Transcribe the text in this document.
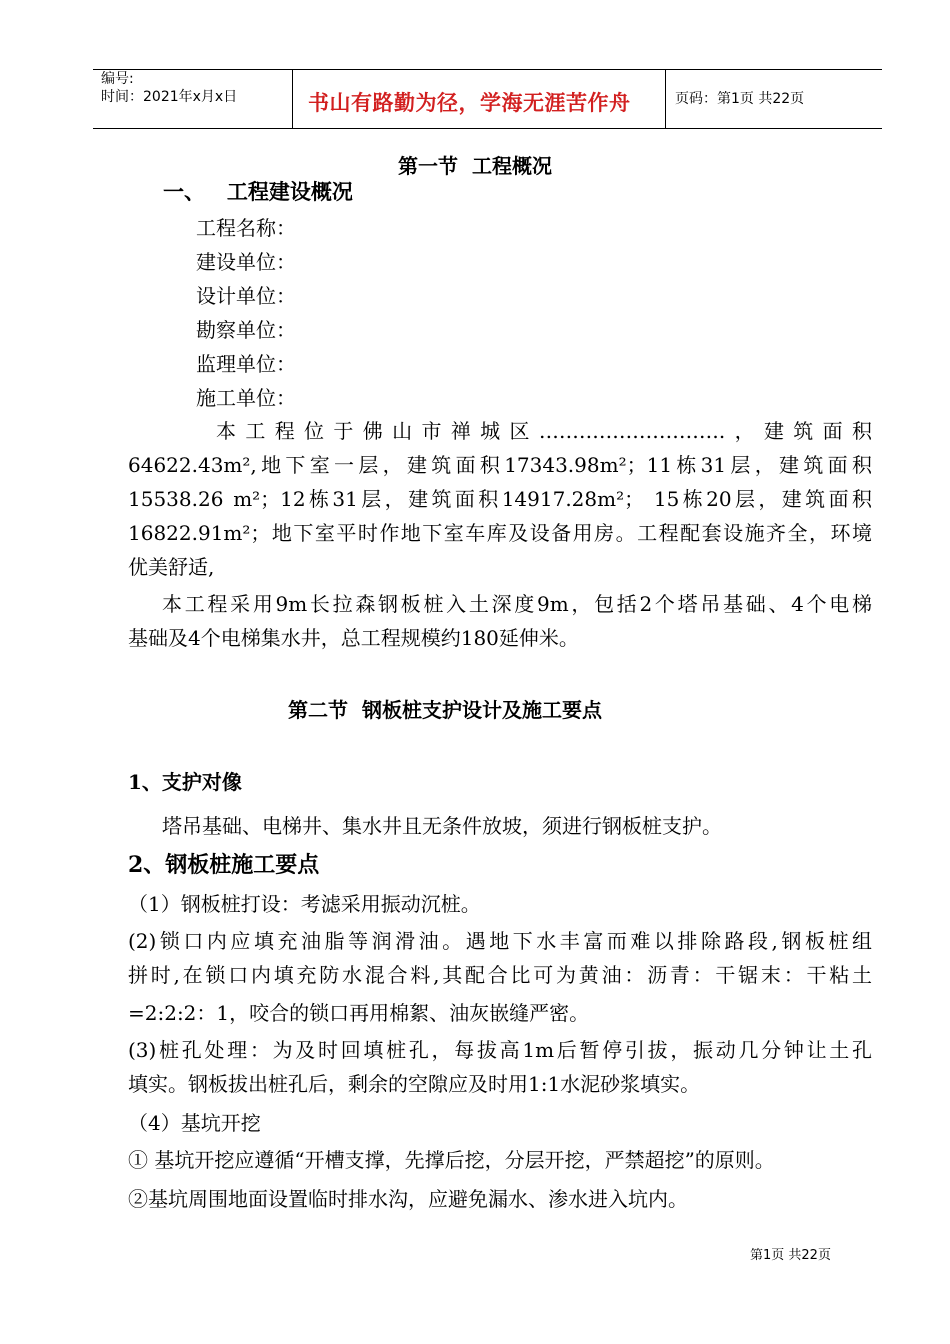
编号:
时间：2021年x月x日	书山有路勤为径，学海无涯苦作舟	页码：第1页 共22页
第一节  工程概况
一、   工程建设概况
工程名称：
建设单位：
设计单位：
勘察单位：
监理单位：
施工单位：
本工程位于佛山市禅城区……………………….，建筑面积
64622.43m²,地下室一层，建筑面积17343.98m²；11栋31层，建筑面积
15538.26 m²；12栋31层，建筑面积14917.28m²； 15栋20层，建筑面积
16822.91m²；地下室平时作地下室车库及设备用房。工程配套设施齐全，环境
优美舒适,
本工程采用9m长拉森钢板桩入土深度9m，包括2个塔吊基础、4个电梯
基础及4个电梯集水井，总工程规模约180延伸米。
第二节  钢板桩支护设计及施工要点
1、支护对像
塔吊基础、电梯井、集水井且无条件放坡，须进行钢板桩支护。
2、钢板桩施工要点
（1）钢板桩打设：考滤采用振动沉桩。
(2)锁口内应填充油脂等润滑油。遇地下水丰富而难以排除路段,钢板桩组
拼时,在锁口内填充防水混合料,其配合比可为黄油：沥青：干锯末：干粘土
=2:2:2：1，咬合的锁口再用棉絮、油灰嵌缝严密。
(3)桩孔处理：为及时回填桩孔，每拔高1m后暂停引拔，振动几分钟让土孔
填实。钢板拔出桩孔后，剩余的空隙应及时用1:1水泥砂浆填实。
（4）基坑开挖
① 基坑开挖应遵循“开槽支撑，先撑后挖，分层开挖，严禁超挖”的原则。
②基坑周围地面设置临时排水沟，应避免漏水、渗水进入坑内。
第1页 共22页
